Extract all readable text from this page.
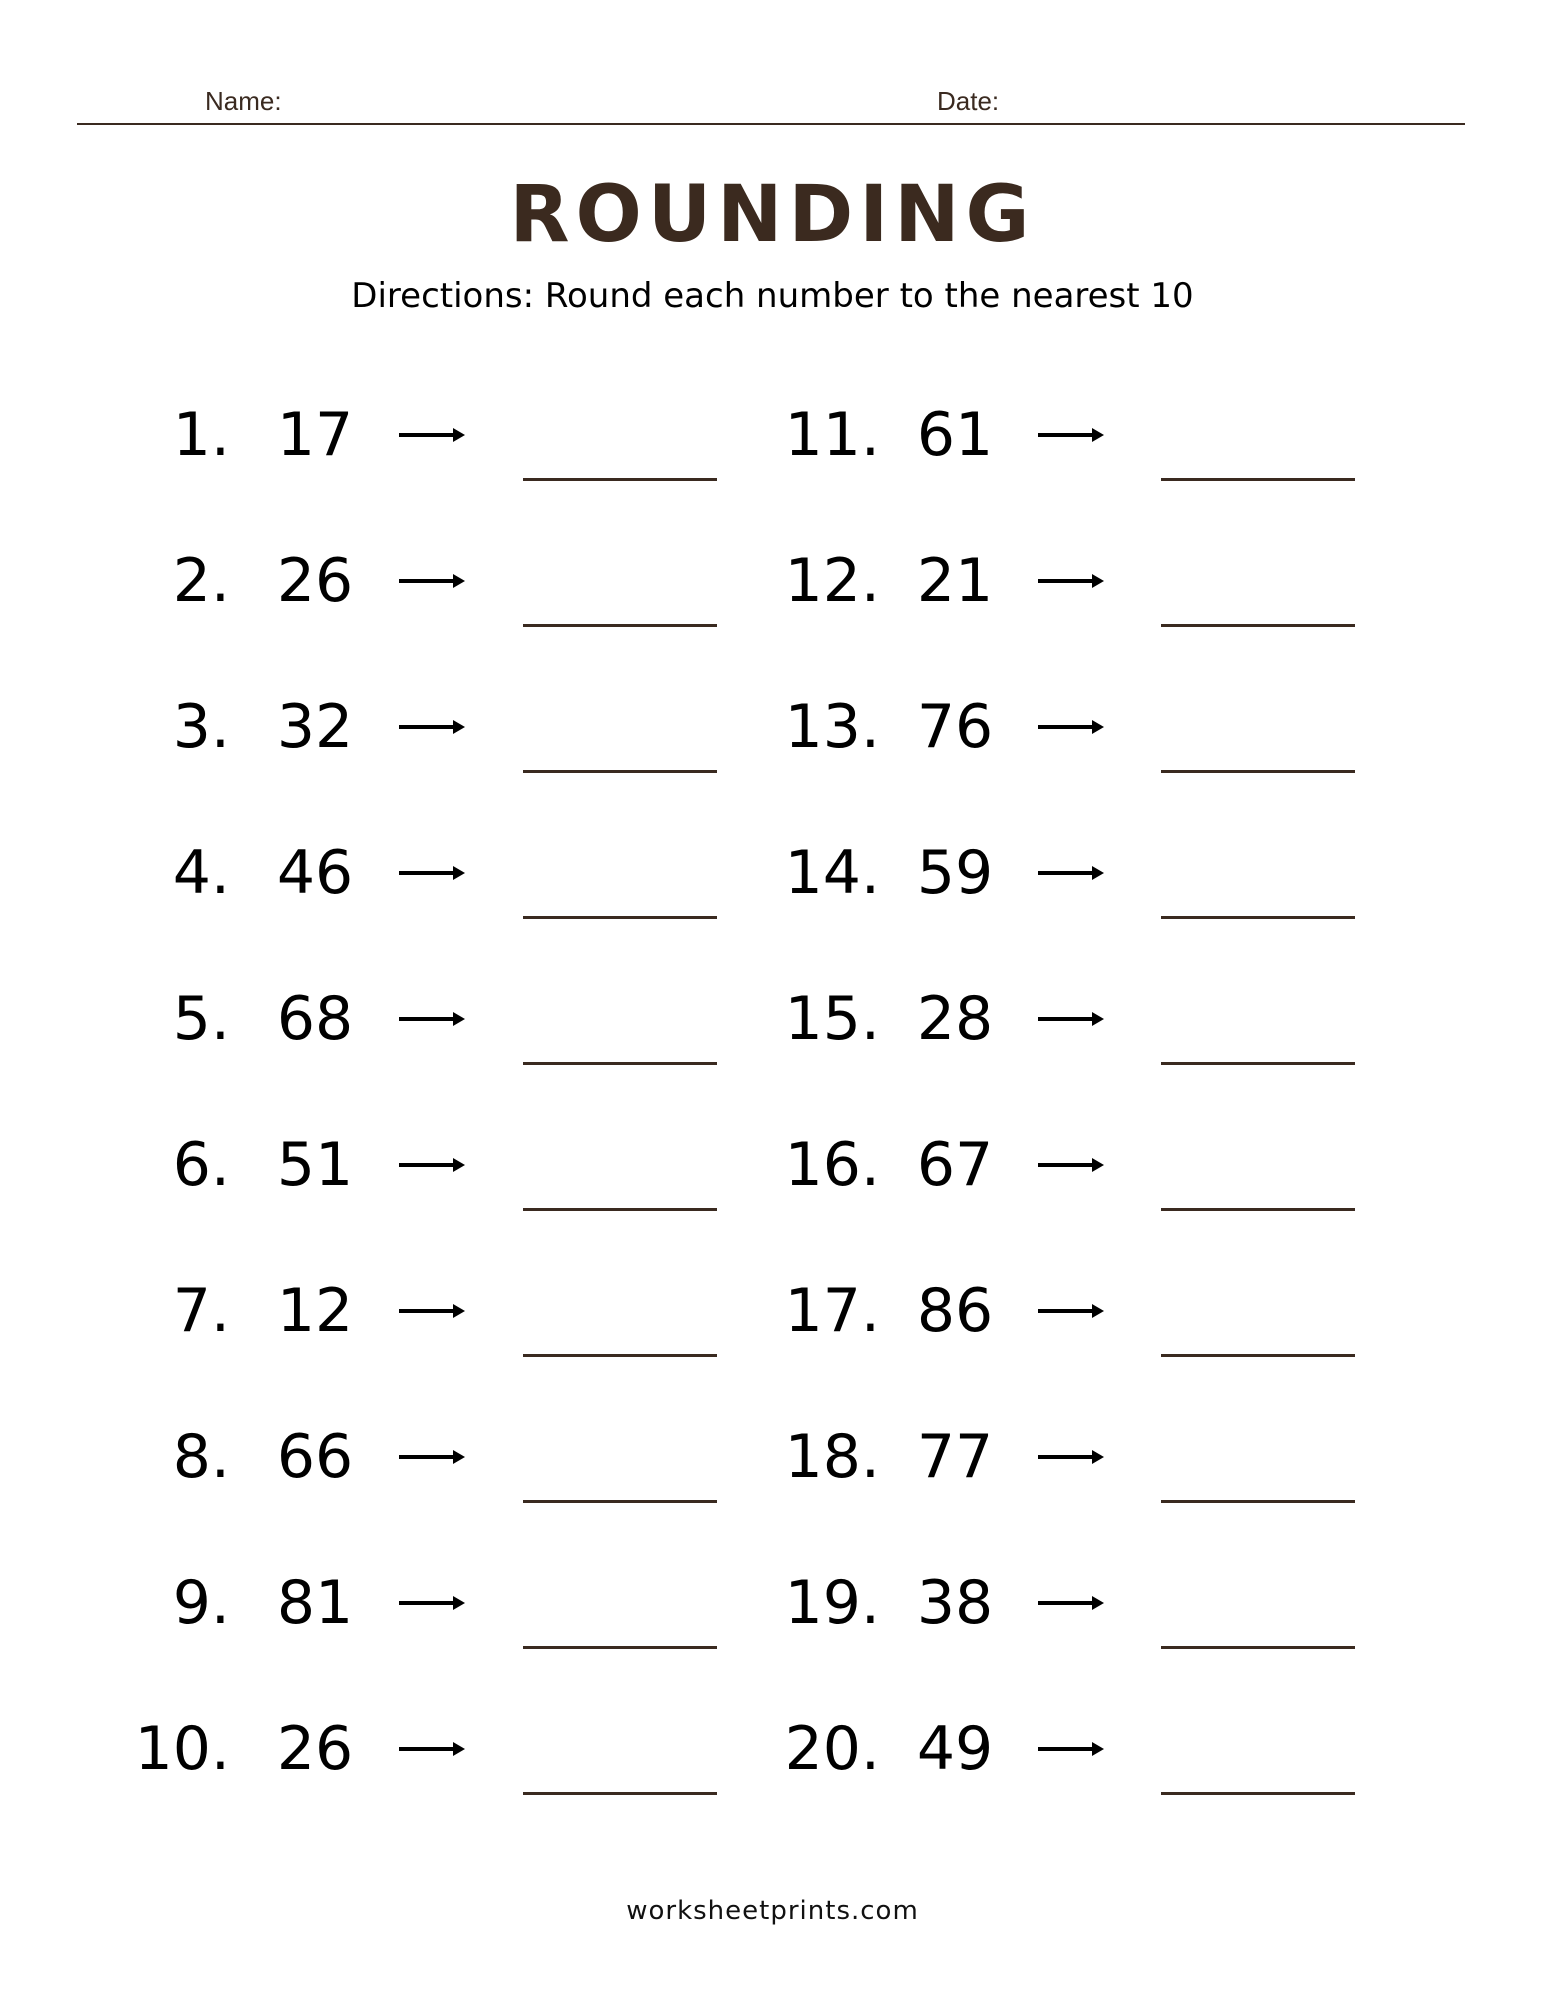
Name:	Date:
ROUNDING
Directions: Round each number to the nearest 10
1. 17
2. 26
3. 32
4. 46
5. 68
6. 51
7. 12
8. 66
9. 81
10. 26
11. 61
12. 21
13. 76
14. 59
15. 28
16. 67
17. 86
18. 77
19. 38
20. 49
worksheetprints.com
